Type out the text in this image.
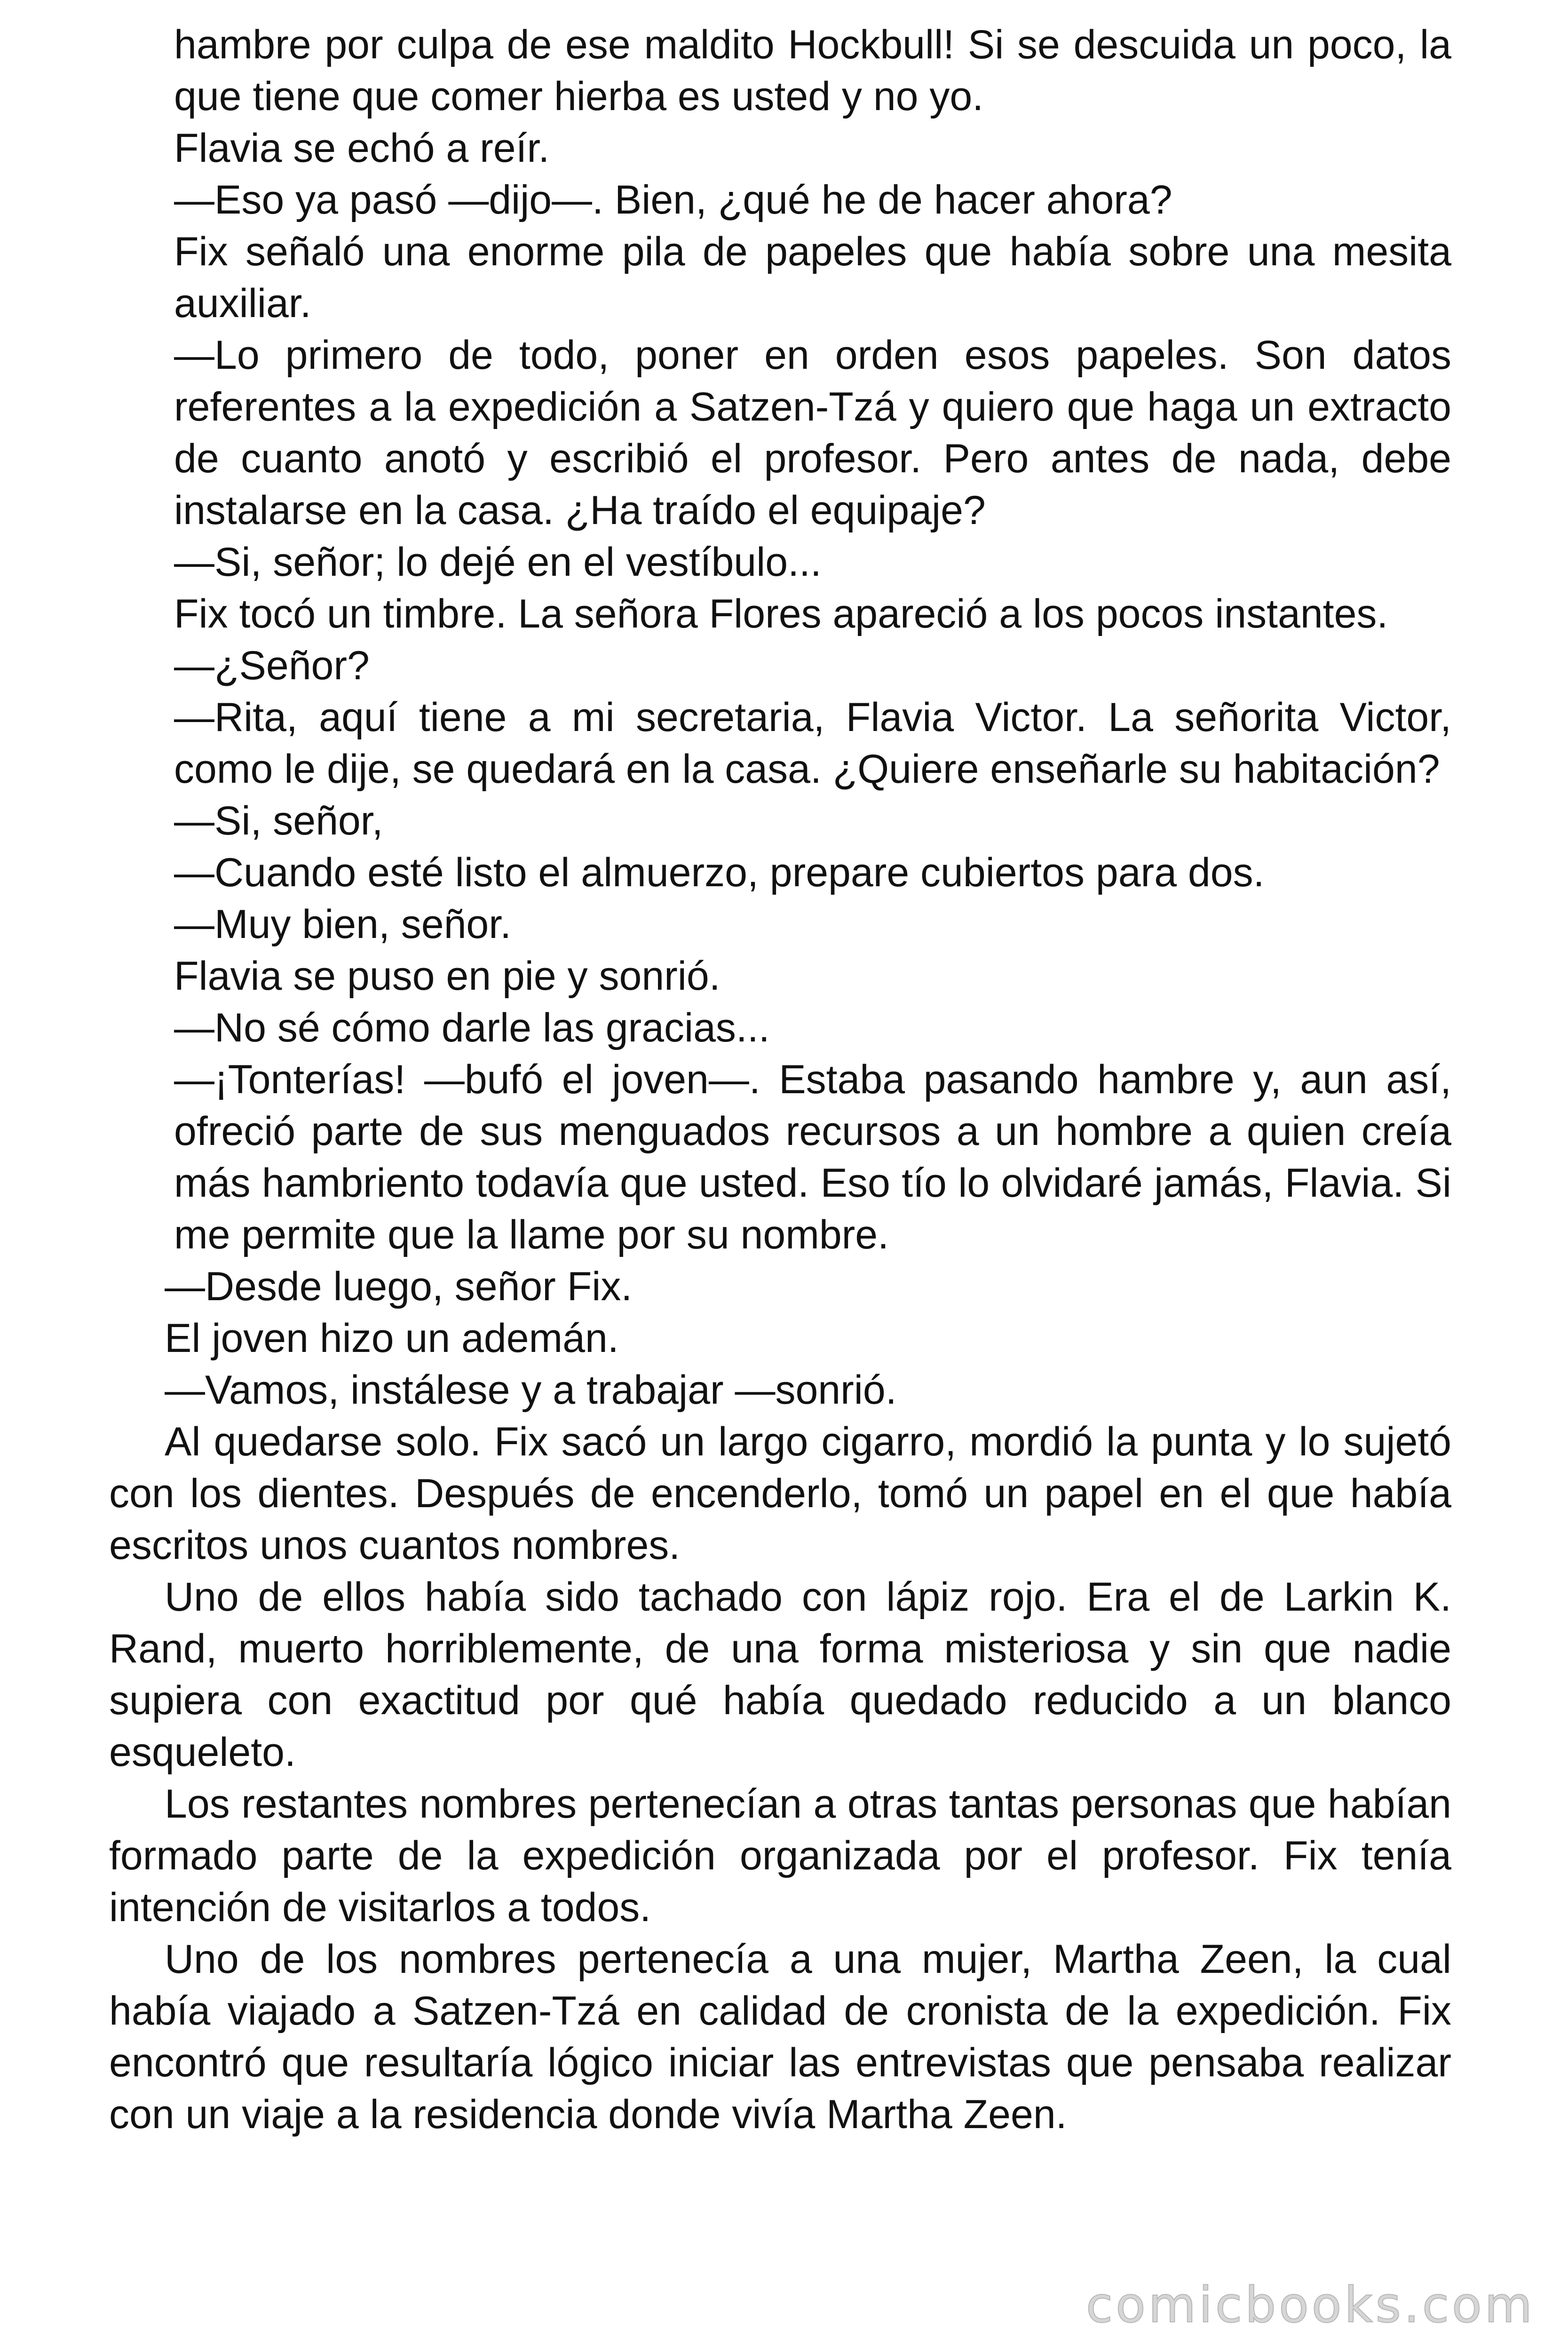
hambre por culpa de ese maldito Hockbull! Si se descuida un poco, la que tiene que comer hierba es usted y no yo.

Flavia se echó a reír.

—Eso ya pasó —dijo—. Bien, ¿qué he de hacer ahora?

Fix señaló una enorme pila de papeles que había sobre una mesita auxiliar.

—Lo primero de todo, poner en orden esos papeles. Son datos referentes a la expedición a Satzen-Tzá y quiero que haga un extracto de cuanto anotó y escribió el profesor. Pero antes de nada, debe instalarse en la casa. ¿Ha traído el equipaje?

—Si, señor; lo dejé en el vestíbulo...

Fix tocó un timbre. La señora Flores apareció a los pocos instantes.

—¿Señor?

—Rita, aquí tiene a mi secretaria, Flavia Victor. La señorita Victor, como le dije, se quedará en la casa. ¿Quiere enseñarle su habitación?

—Si, señor,

—Cuando esté listo el almuerzo, prepare cubiertos para dos.

—Muy bien, señor.

Flavia se puso en pie y sonrió.

—No sé cómo darle las gracias...

—¡Tonterías! —bufó el joven—. Estaba pasando hambre y, aun así, ofreció parte de sus menguados recursos a un hombre a quien creía más hambriento todavía que usted. Eso tío lo olvidaré jamás, Flavia. Si me permite que la llame por su nombre.

—Desde luego, señor Fix.

El joven hizo un ademán.

—Vamos, instálese y a trabajar —sonrió.

Al quedarse solo. Fix sacó un largo cigarro, mordió la punta y lo sujetó con los dientes. Después de encenderlo, tomó un papel en el que había escritos unos cuantos nombres.

Uno de ellos había sido tachado con lápiz rojo. Era el de Larkin K. Rand, muerto horriblemente, de una forma misteriosa y sin que nadie supiera con exactitud por qué había quedado reducido a un blanco esqueleto.

Los restantes nombres pertenecían a otras tantas personas que habían formado parte de la expedición organizada por el profesor. Fix tenía intención de visitarlos a todos.

Uno de los nombres pertenecía a una mujer, Martha Zeen, la cual había viajado a Satzen-Tzá en calidad de cronista de la expedición. Fix encontró que resultaría lógico iniciar las entrevistas que pensaba realizar con un viaje a la residencia donde vivía Martha Zeen.

comicbooks.com
